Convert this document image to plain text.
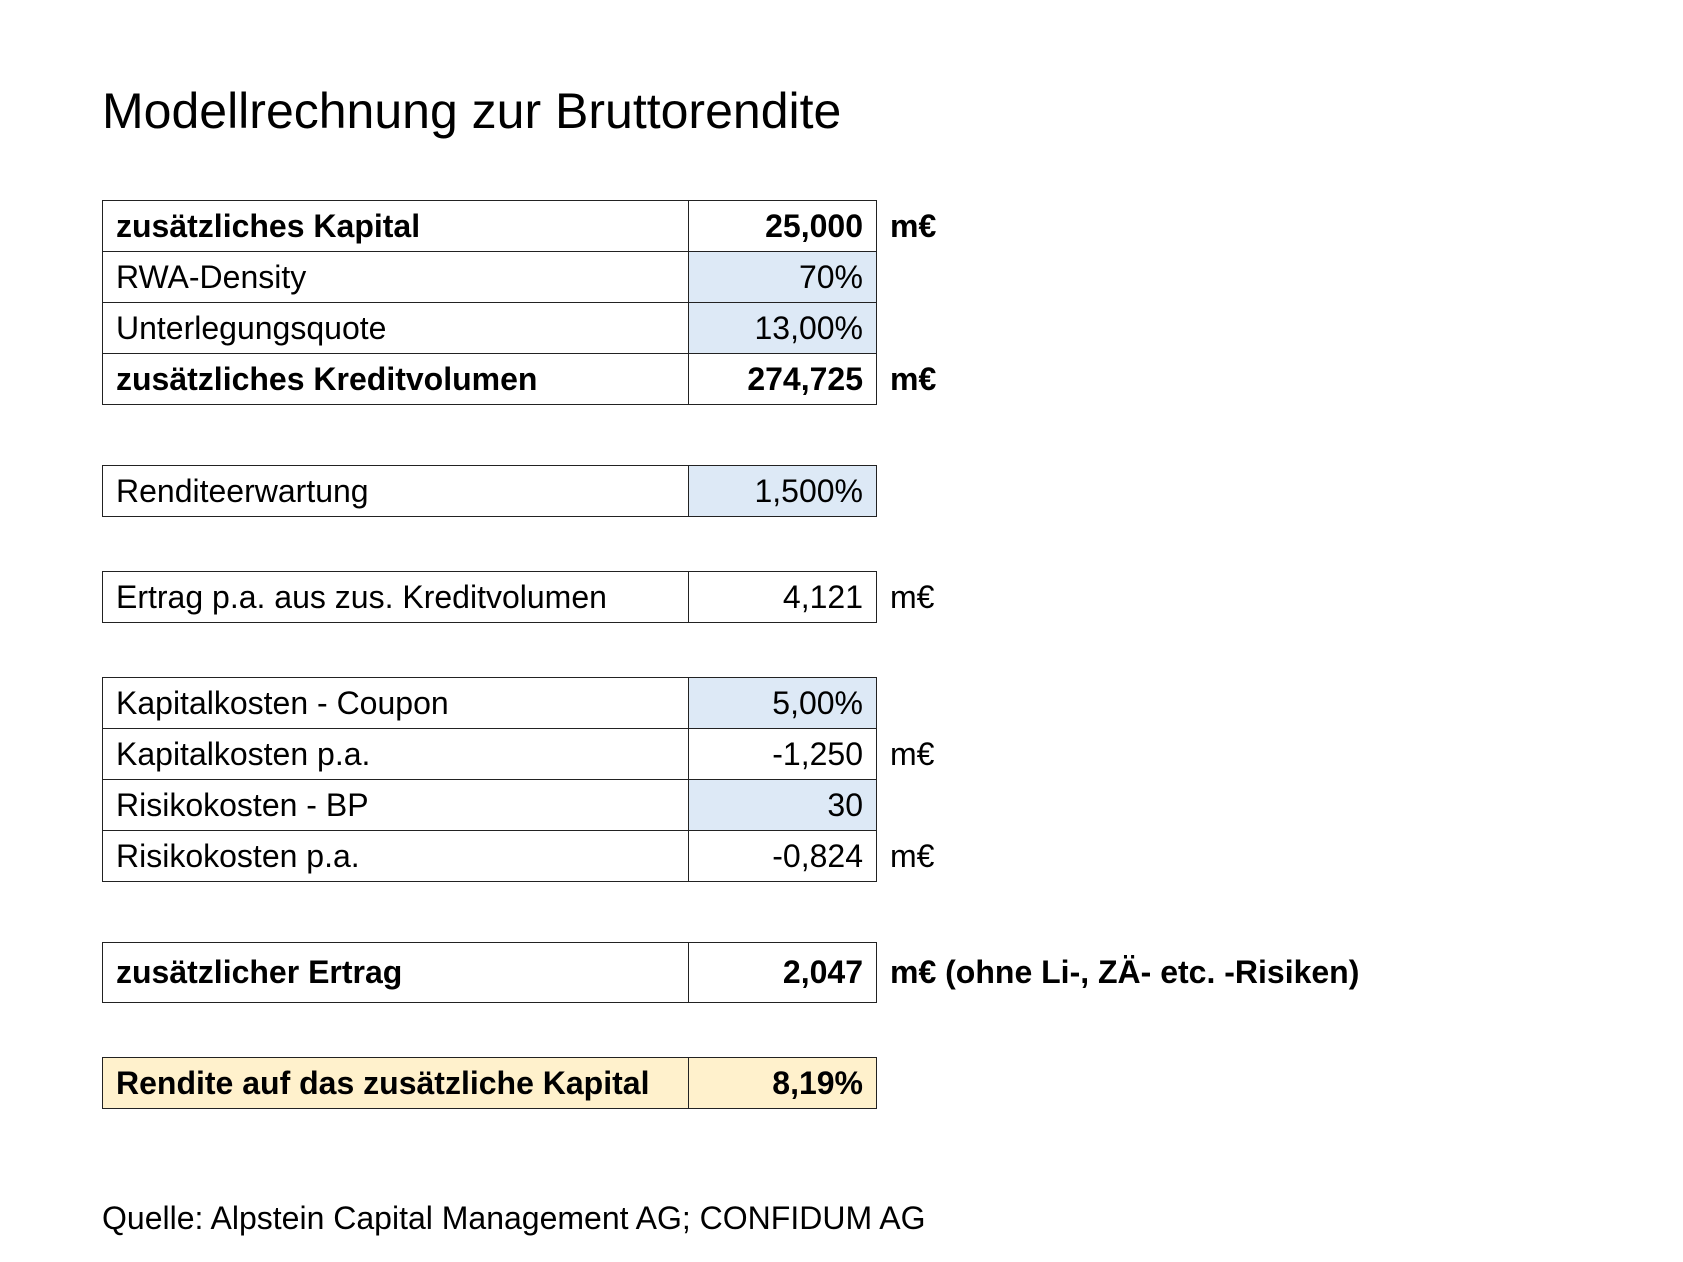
Modellrechnung zur Bruttorendite
zusätzliches Kapital	25,000	m€
RWA-Density	70%	
Unterlegungsquote	13,00%	
zusätzliches Kreditvolumen	274,725	m€
Renditeerwartung	1,500%	
Ertrag p.a. aus zus. Kreditvolumen	4,121	m€
Kapitalkosten - Coupon	5,00%	
Kapitalkosten p.a.	-1,250	m€
Risikokosten - BP	30	
Risikokosten p.a.	-0,824	m€
zusätzlicher Ertrag	2,047	m€ (ohne Li-, ZÄ- etc. -Risiken)
Rendite auf das zusätzliche Kapital	8,19%	
Quelle: Alpstein Capital Management AG; CONFIDUM AG
